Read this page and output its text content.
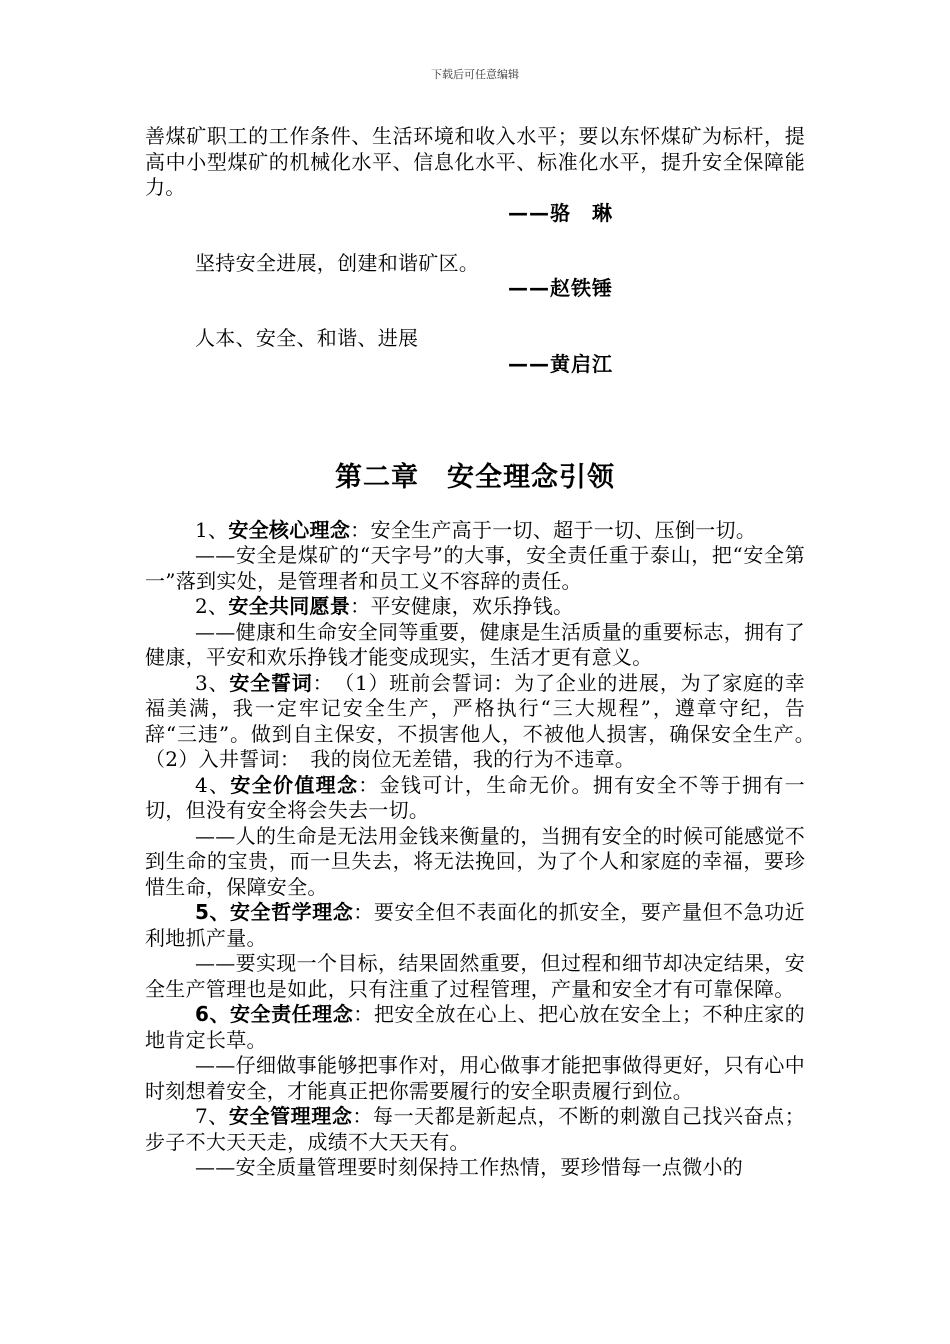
下载后可任意编辑

善煤矿职工的工作条件、生活环境和收入水平；要以东怀煤矿为标杆，提高中小型煤矿的机械化水平、信息化水平、标准化水平，提升安全保障能力。

——骆　琳

坚持安全进展，创建和谐矿区。

——赵铁锤

人本、安全、和谐、进展

——黄启江

第二章　安全理念引领

1、安全核心理念：安全生产高于一切、超于一切、压倒一切。

——安全是煤矿的“天字号”的大事，安全责任重于泰山，把“安全第一”落到实处，是管理者和员工义不容辞的责任。

2、安全共同愿景：平安健康，欢乐挣钱。

——健康和生命安全同等重要，健康是生活质量的重要标志，拥有了健康，平安和欢乐挣钱才能变成现实，生活才更有意义。

3、安全誓词：　（1）班前会誓词：为了企业的进展，为了家庭的幸福美满，我一定牢记安全生产，严格执行“三大规程”，遵章守纪，告辞“三违”。做到自主保安，不损害他人，不被他人损害，确保安全生产。　（2）入井誓词：　我的岗位无差错，我的行为不违章。

4、安全价值理念：金钱可计，生命无价。拥有安全不等于拥有一切，但没有安全将会失去一切。

——人的生命是无法用金钱来衡量的，当拥有安全的时候可能感觉不到生命的宝贵，而一旦失去，将无法挽回，为了个人和家庭的幸福，要珍惜生命，保障安全。

5、安全哲学理念：要安全但不表面化的抓安全，要产量但不急功近利地抓产量。

——要实现一个目标，结果固然重要，但过程和细节却决定结果，安全生产管理也是如此，只有注重了过程管理，产量和安全才有可靠保障。

6、安全责任理念：把安全放在心上、把心放在安全上；不种庄家的地肯定长草。

——仔细做事能够把事作对，用心做事才能把事做得更好，只有心中时刻想着安全，才能真正把你需要履行的安全职责履行到位。

7、安全管理理念：每一天都是新起点，不断的刺激自己找兴奋点；步子不大天天走，成绩不大天天有。

——安全质量管理要时刻保持工作热情，要珍惜每一点微小的
